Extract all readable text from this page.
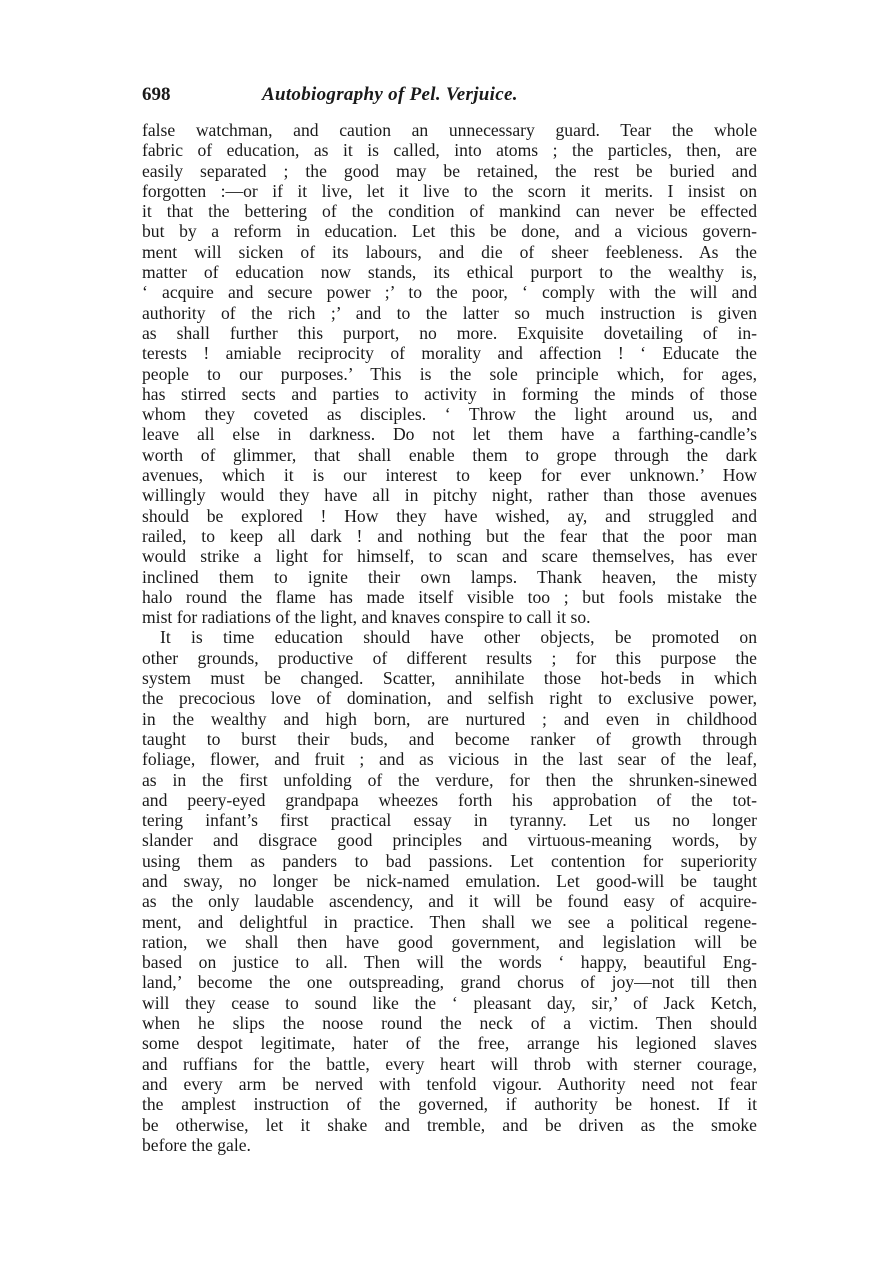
698	Autobiography of Pel. Verjuice.
false watchman, and caution an unnecessary guard. Tear the whole
fabric of education, as it is called, into atoms ; the particles, then, are
easily separated ; the good may be retained, the rest be buried and
forgotten :—or if it live, let it live to the scorn it merits. I insist on
it that the bettering of the condition of mankind can never be effected
but by a reform in education. Let this be done, and a vicious govern-
ment will sicken of its labours, and die of sheer feebleness. As the
matter of education now stands, its ethical purport to the wealthy is,
‘ acquire and secure power ;’ to the poor, ‘ comply with the will and
authority of the rich ;’ and to the latter so much instruction is given
as shall further this purport, no more. Exquisite dovetailing of in-
terests ! amiable reciprocity of morality and affection ! ‘ Educate the
people to our purposes.’ This is the sole principle which, for ages,
has stirred sects and parties to activity in forming the minds of those
whom they coveted as disciples. ‘ Throw the light around us, and
leave all else in darkness. Do not let them have a farthing-candle’s
worth of glimmer, that shall enable them to grope through the dark
avenues, which it is our interest to keep for ever unknown.’ How
willingly would they have all in pitchy night, rather than those avenues
should be explored ! How they have wished, ay, and struggled and
railed, to keep all dark ! and nothing but the fear that the poor man
would strike a light for himself, to scan and scare themselves, has ever
inclined them to ignite their own lamps. Thank heaven, the misty
halo round the flame has made itself visible too ; but fools mistake the
mist for radiations of the light, and knaves conspire to call it so.
It is time education should have other objects, be promoted on
other grounds, productive of different results ; for this purpose the
system must be changed. Scatter, annihilate those hot-beds in which
the precocious love of domination, and selfish right to exclusive power,
in the wealthy and high born, are nurtured ; and even in childhood
taught to burst their buds, and become ranker of growth through
foliage, flower, and fruit ; and as vicious in the last sear of the leaf,
as in the first unfolding of the verdure, for then the shrunken-sinewed
and peery-eyed grandpapa wheezes forth his approbation of the tot-
tering infant’s first practical essay in tyranny. Let us no longer
slander and disgrace good principles and virtuous-meaning words, by
using them as panders to bad passions. Let contention for superiority
and sway, no longer be nick-named emulation. Let good-will be taught
as the only laudable ascendency, and it will be found easy of acquire-
ment, and delightful in practice. Then shall we see a political regene-
ration, we shall then have good government, and legislation will be
based on justice to all. Then will the words ‘ happy, beautiful Eng-
land,’ become the one outspreading, grand chorus of joy—not till then
will they cease to sound like the ‘ pleasant day, sir,’ of Jack Ketch,
when he slips the noose round the neck of a victim. Then should
some despot legitimate, hater of the free, arrange his legioned slaves
and ruffians for the battle, every heart will throb with sterner courage,
and every arm be nerved with tenfold vigour. Authority need not fear
the amplest instruction of the governed, if authority be honest. If it
be otherwise, let it shake and tremble, and be driven as the smoke
before the gale.
